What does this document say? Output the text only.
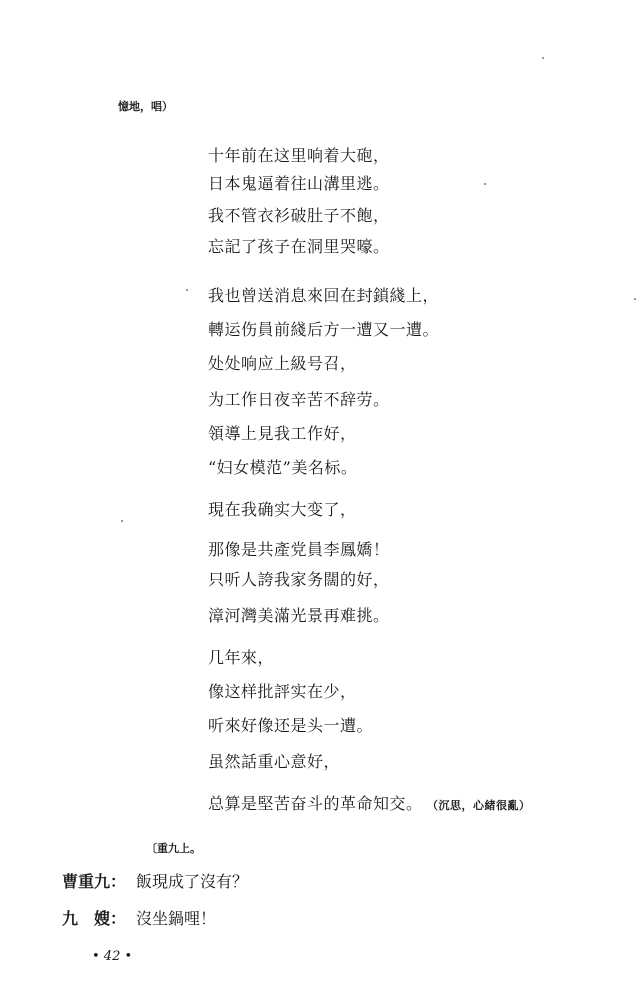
憶地，唱）
十年前在这里响着大砲，
日本鬼逼着往山溝里逃。
我不管衣衫破肚子不飽，
忘記了孩子在洞里哭嚎。
我也曾送消息來回在封鎖綫上，
轉运伤員前綫后方一遭又一遭。
处处响应上級号召，
为工作日夜辛苦不辞劳。
領導上見我工作好，
“妇女模范”美名标。
現在我确实大变了，
那像是共產党員李鳳嬌！
只听人誇我家务闊的好，
漳河灣美滿光景再难挑。
几年來，
像这样批評实在少，
听來好像还是头一遭。
虽然話重心意好，
总算是堅苦奋斗的革命知交。 （沉思，心緒很亂）
〔重九上。
曹重九： 飯現成了沒有？
九　嫂： 沒坐鍋哩！
• 42 •
